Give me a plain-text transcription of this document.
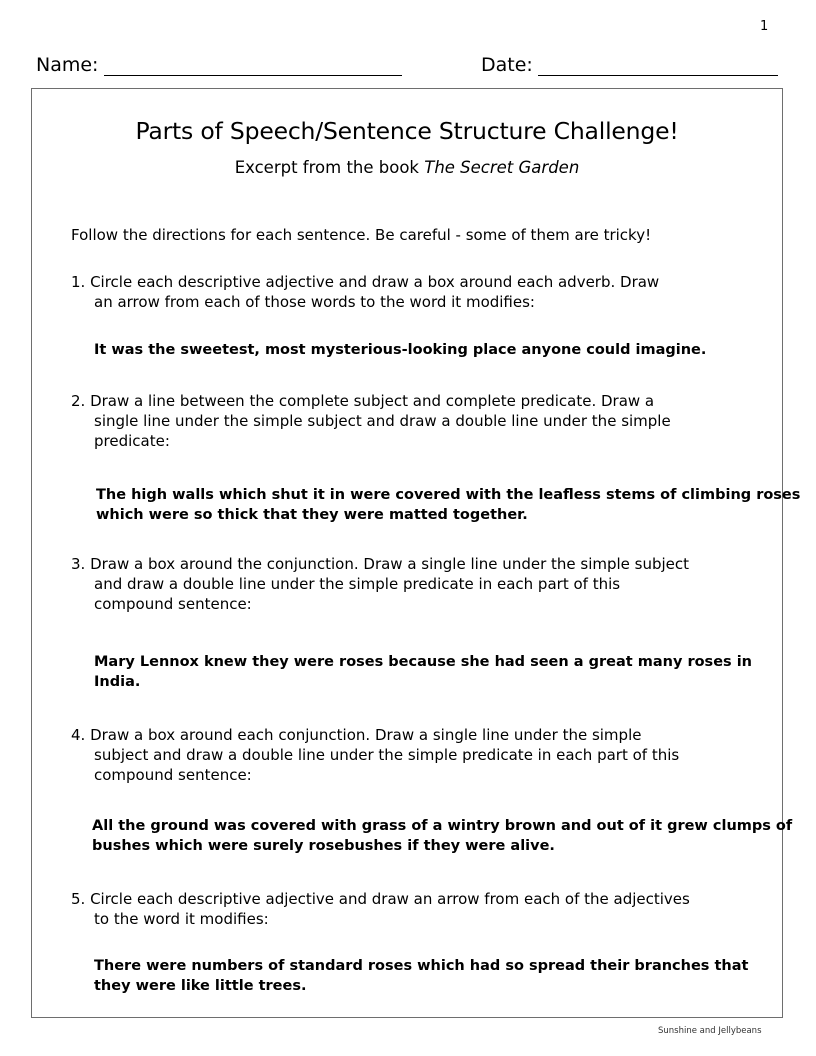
1
Name:	Date:
Parts of Speech/Sentence Structure Challenge!
Excerpt from the book The Secret Garden
Follow the directions for each sentence. Be careful - some of them are tricky!
1. Circle each descriptive adjective and draw a box around each adverb. Draw
an arrow from each of those words to the word it modifies:
It was the sweetest, most mysterious-looking place anyone could imagine.
2. Draw a line between the complete subject and complete predicate. Draw a
single line under the simple subject and draw a double line under the simple
predicate:
The high walls which shut it in were covered with the leafless stems of climbing roses
which were so thick that they were matted together.
3. Draw a box around the conjunction. Draw a single line under the simple subject
and draw a double line under the simple predicate in each part of this
compound sentence:
Mary Lennox knew they were roses because she had seen a great many roses in
India.
4. Draw a box around each conjunction. Draw a single line under the simple
subject and draw a double line under the simple predicate in each part of this
compound sentence:
All the ground was covered with grass of a wintry brown and out of it grew clumps of
bushes which were surely rosebushes if they were alive.
5. Circle each descriptive adjective and draw an arrow from each of the adjectives
to the word it modifies:
There were numbers of standard roses which had so spread their branches that
they were like little trees.
Sunshine and Jellybeans
